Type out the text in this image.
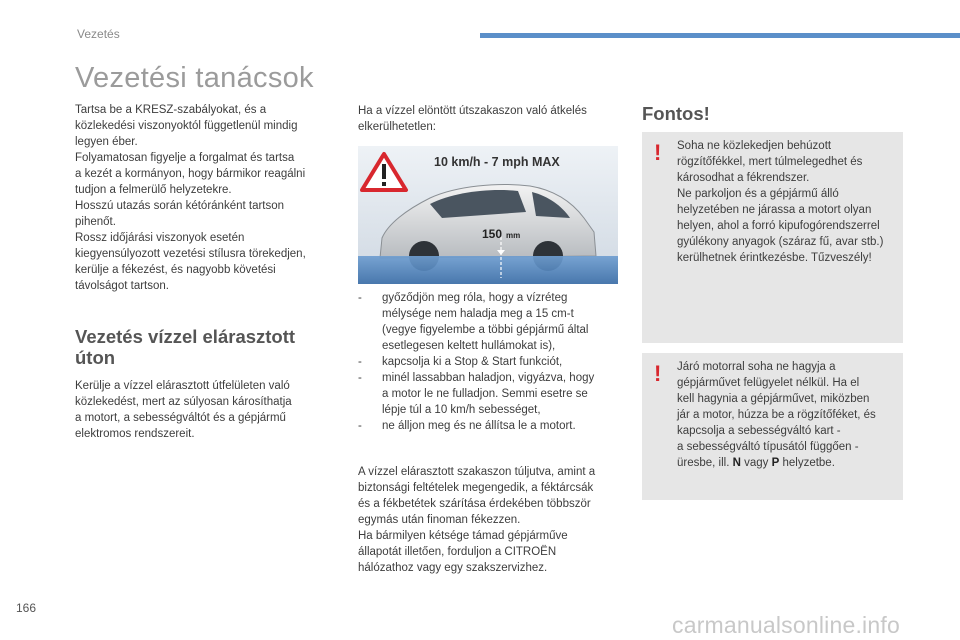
Vezetés
Vezetési tanácsok
Tartsa be a KRESZ-szabályokat, és a
közlekedési viszonyoktól függetlenül mindig
legyen éber.
Folyamatosan figyelje a forgalmat és tartsa
a kezét a kormányon, hogy bármikor reagálni
tudjon a felmerülő helyzetekre.
Hosszú utazás során kétóránként tartson
pihenőt.
Rossz időjárási viszonyok esetén
kiegyensúlyozott vezetési stílusra törekedjen,
kerülje a fékezést, és nagyobb követési
távolságot tartson.
Vezetés vízzel elárasztott
úton
Kerülje a vízzel elárasztott útfelületen való
közlekedést, mert az súlyosan károsíthatja
a motort, a sebességváltót és a gépjármű
elektromos rendszereit.
Ha a vízzel elöntött útszakaszon való átkelés
elkerülhetetlen:
10 km/h - 7 mph MAX
150 mm
- győződjön meg róla, hogy a vízréteg
mélysége nem haladja meg a 15 cm-t
(vegye figyelembe a többi gépjármű által
esetlegesen keltett hullámokat is),
- kapcsolja ki a Stop & Start funkciót,
- minél lassabban haladjon, vigyázva, hogy
a motor le ne fulladjon. Semmi esetre se
lépje túl a 10 km/h sebességet,
- ne álljon meg és ne állítsa le a motort.
A vízzel elárasztott szakaszon túljutva, amint a
biztonsági feltételek megengedik, a féktárcsák
és a fékbetétek szárítása érdekében többször
egymás után finoman fékezzen.
Ha bármilyen kétsége támad gépjárműve
állapotát illetően, forduljon a CITROËN
hálózathoz vagy egy szakszervizhez.
Fontos!
! Soha ne közlekedjen behúzott
rögzítőfékkel, mert túlmelegedhet és
károsodhat a fékrendszer.
Ne parkoljon és a gépjármű álló
helyzetében ne járassa a motort olyan
helyen, ahol a forró kipufogórendszerrel
gyúlékony anyagok (száraz fű, avar stb.)
kerülhetnek érintkezésbe. Tűzveszély!
! Járó motorral soha ne hagyja a
gépjárművet felügyelet nélkül. Ha el
kell hagynia a gépjárművet, miközben
jár a motor, húzza be a rögzítőféket, és
kapcsolja a sebességváltó kart -
a sebességváltó típusától függően -
üresbe, ill. N vagy P helyzetbe.
166
carmanualsonline.info
